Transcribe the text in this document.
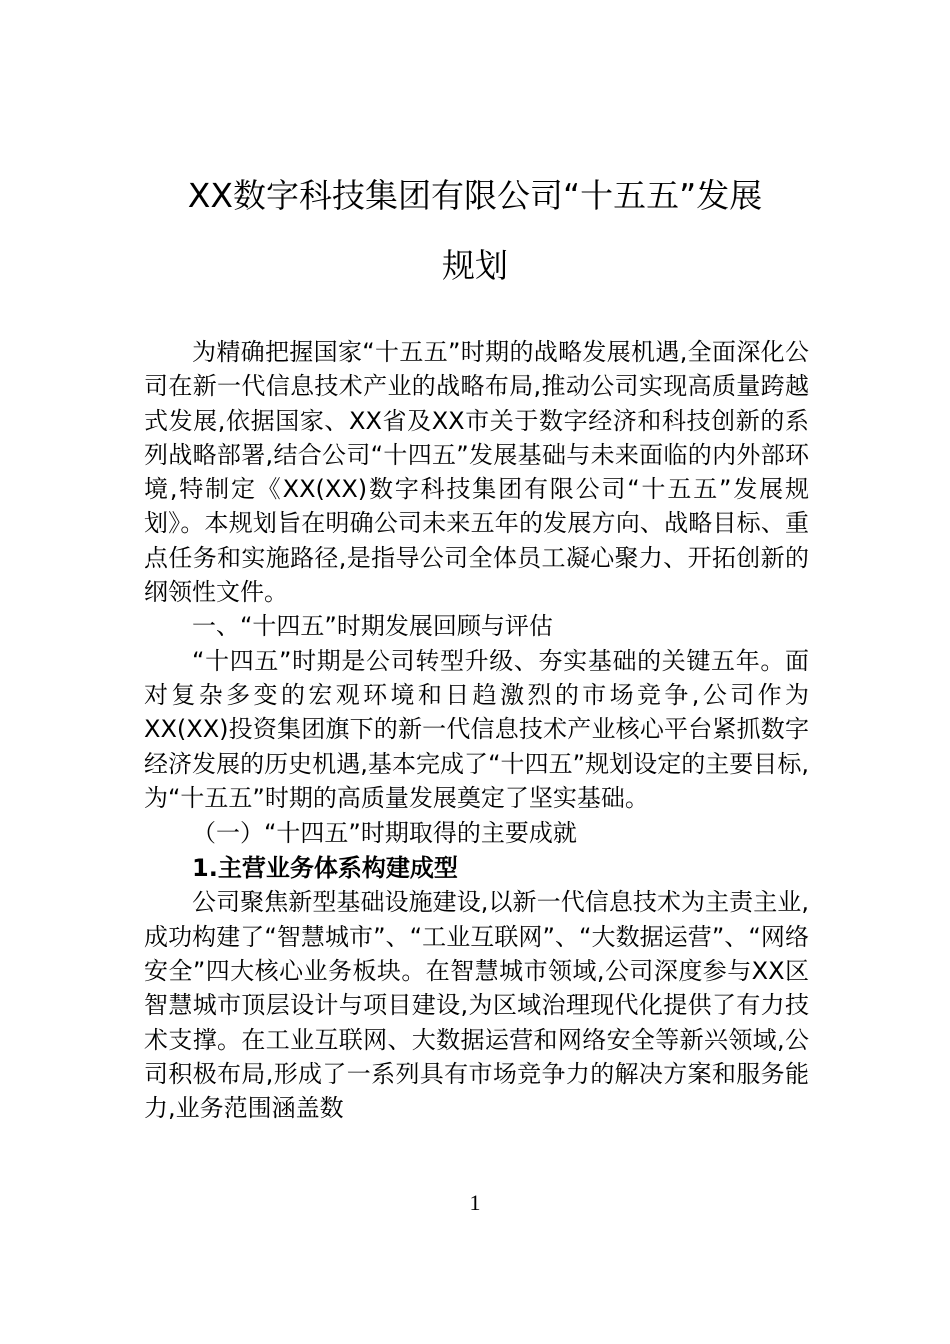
XX数字科技集团有限公司“十五五”发展
规划

为精确把握国家“十五五”时期的战略发展机遇,全面深化公司在新一代信息技术产业的战略布局,推动公司实现高质量跨越式发展,依据国家、XX省及XX市关于数字经济和科技创新的系列战略部署,结合公司“十四五”发展基础与未来面临的内外部环境,特制定《XX(XX)数字科技集团有限公司“十五五”发展规划》。本规划旨在明确公司未来五年的发展方向、战略目标、重点任务和实施路径,是指导公司全体员工凝心聚力、开拓创新的纲领性文件。

一、“十四五”时期发展回顾与评估

“十四五”时期是公司转型升级、夯实基础的关键五年。面对复杂多变的宏观环境和日趋激烈的市场竞争,公司作为XX(XX)投资集团旗下的新一代信息技术产业核心平台紧抓数字经济发展的历史机遇,基本完成了“十四五”规划设定的主要目标,为“十五五”时期的高质量发展奠定了坚实基础。

（一）“十四五”时期取得的主要成就

1.主营业务体系构建成型

公司聚焦新型基础设施建设,以新一代信息技术为主责主业,成功构建了“智慧城市”、“工业互联网”、“大数据运营”、“网络安全”四大核心业务板块。在智慧城市领域,公司深度参与XX区智慧城市顶层设计与项目建设,为区域治理现代化提供了有力技术支撑。在工业互联网、大数据运营和网络安全等新兴领域,公司积极布局,形成了一系列具有市场竞争力的解决方案和服务能力,业务范围涵盖数

1
